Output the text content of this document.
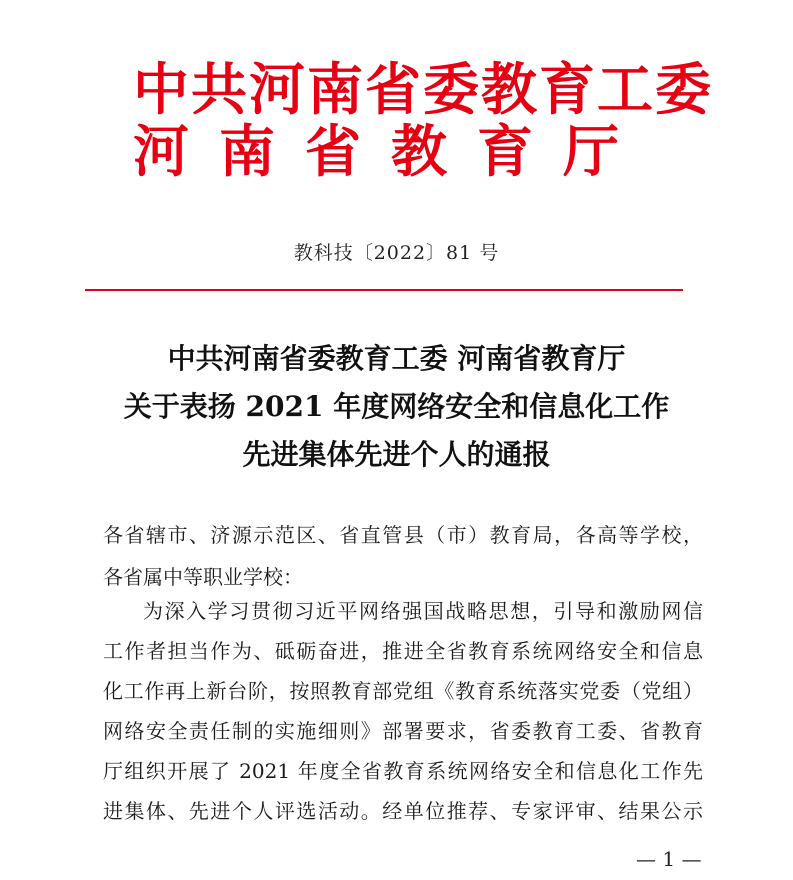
中共河南省委教育工委
河南省教育厅
教科技〔2022〕81 号
中共河南省委教育工委 河南省教育厅
关于表扬 2021 年度网络安全和信息化工作
先进集体先进个人的通报
各省辖市、济源示范区、省直管县（市）教育局，各高等学校，
各省属中等职业学校：
为深入学习贯彻习近平网络强国战略思想，引导和激励网信
工作者担当作为、砥砺奋进，推进全省教育系统网络安全和信息
化工作再上新台阶，按照教育部党组《教育系统落实党委（党组）
网络安全责任制的实施细则》部署要求，省委教育工委、省教育
厅组织开展了 2021 年度全省教育系统网络安全和信息化工作先
进集体、先进个人评选活动。经单位推荐、专家评审、结果公示
— 1 —
